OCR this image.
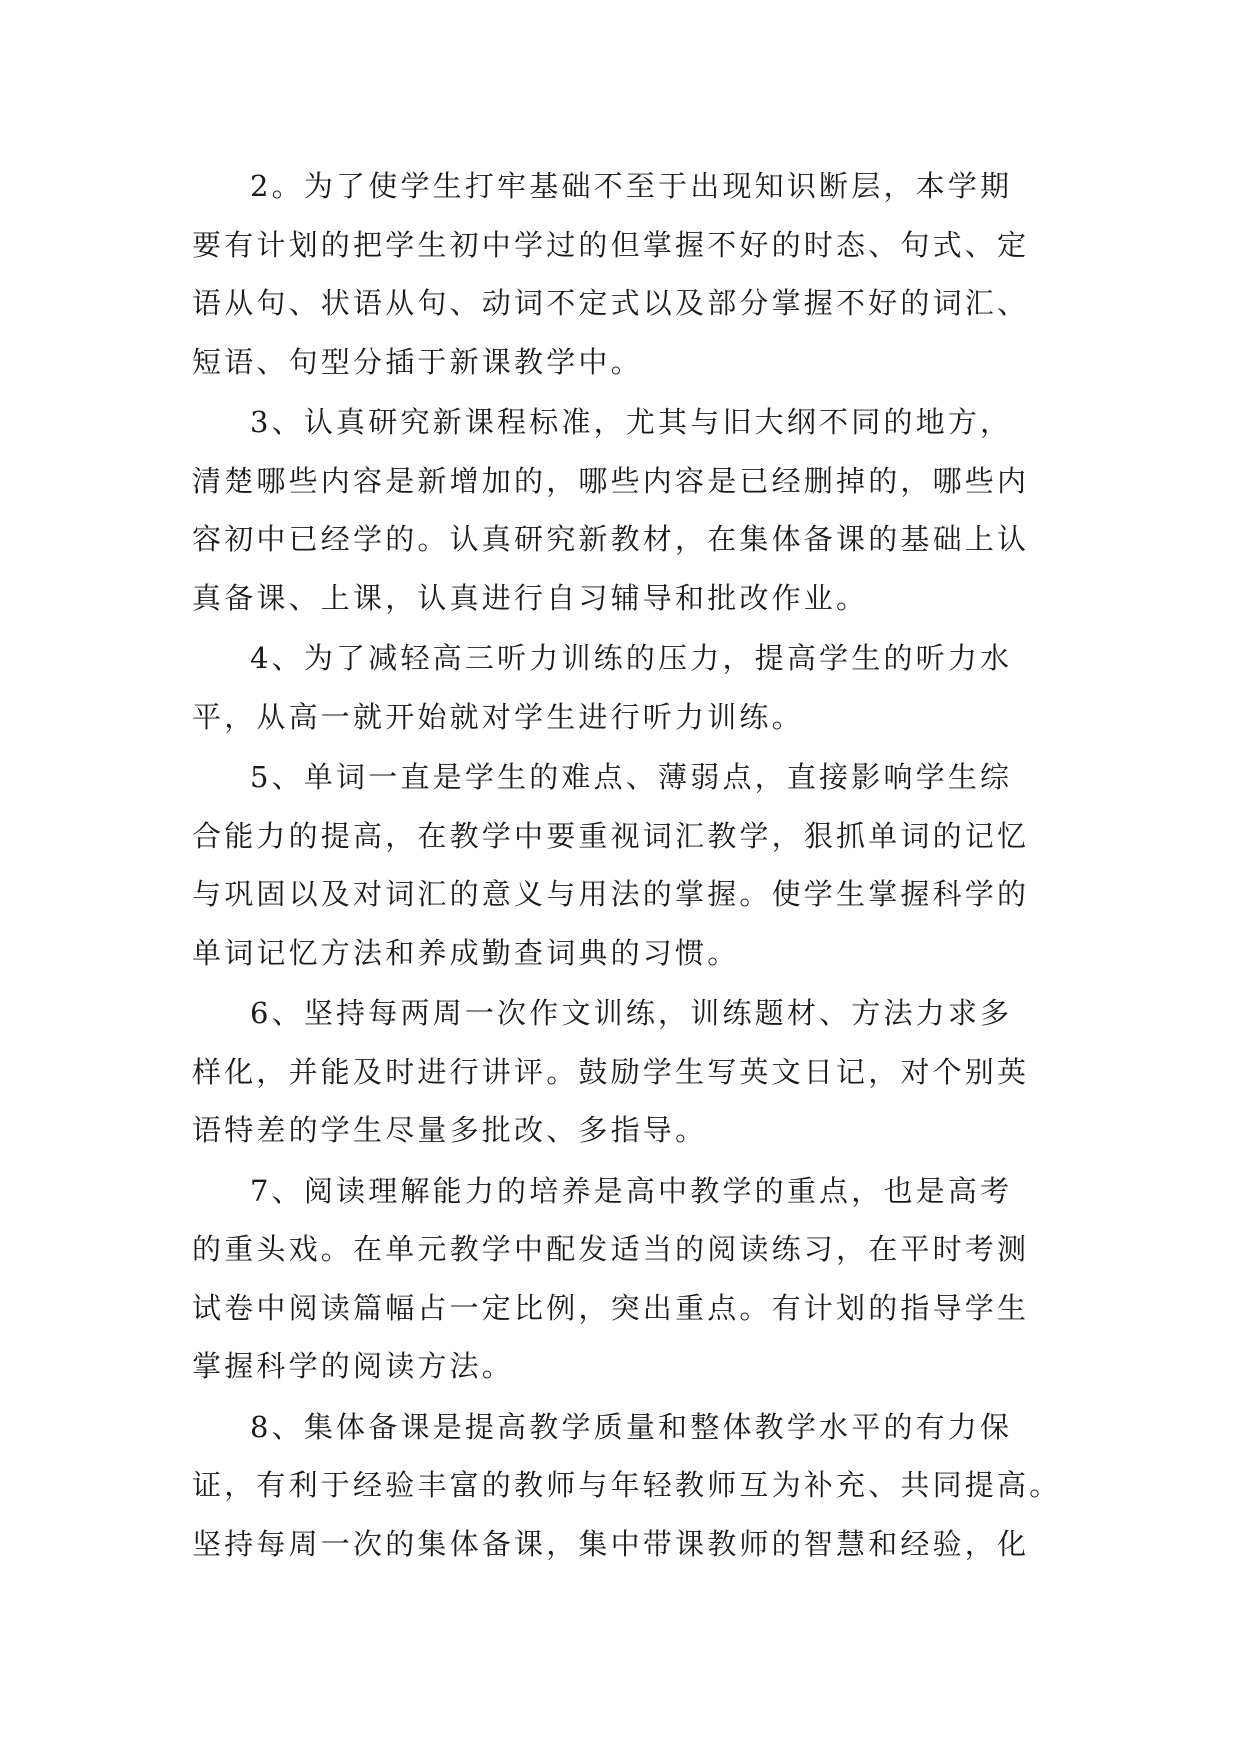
2。为了使学生打牢基础不至于出现知识断层，本学期
要有计划的把学生初中学过的但掌握不好的时态、句式、定
语从句、状语从句、动词不定式以及部分掌握不好的词汇、
短语、句型分插于新课教学中。

3、认真研究新课程标准，尤其与旧大纲不同的地方，
清楚哪些内容是新增加的，哪些内容是已经删掉的，哪些内
容初中已经学的。认真研究新教材，在集体备课的基础上认
真备课、上课，认真进行自习辅导和批改作业。

4、为了减轻高三听力训练的压力，提高学生的听力水
平，从高一就开始就对学生进行听力训练。

5、单词一直是学生的难点、薄弱点，直接影响学生综
合能力的提高，在教学中要重视词汇教学，狠抓单词的记忆
与巩固以及对词汇的意义与用法的掌握。使学生掌握科学的
单词记忆方法和养成勤查词典的习惯。

6、坚持每两周一次作文训练，训练题材、方法力求多
样化，并能及时进行讲评。鼓励学生写英文日记，对个别英
语特差的学生尽量多批改、多指导。

7、阅读理解能力的培养是高中教学的重点，也是高考
的重头戏。在单元教学中配发适当的阅读练习，在平时考测
试卷中阅读篇幅占一定比例，突出重点。有计划的指导学生
掌握科学的阅读方法。

8、集体备课是提高教学质量和整体教学水平的有力保
证，有利于经验丰富的教师与年轻教师互为补充、共同提高。
坚持每周一次的集体备课，集中带课教师的智慧和经验，化
